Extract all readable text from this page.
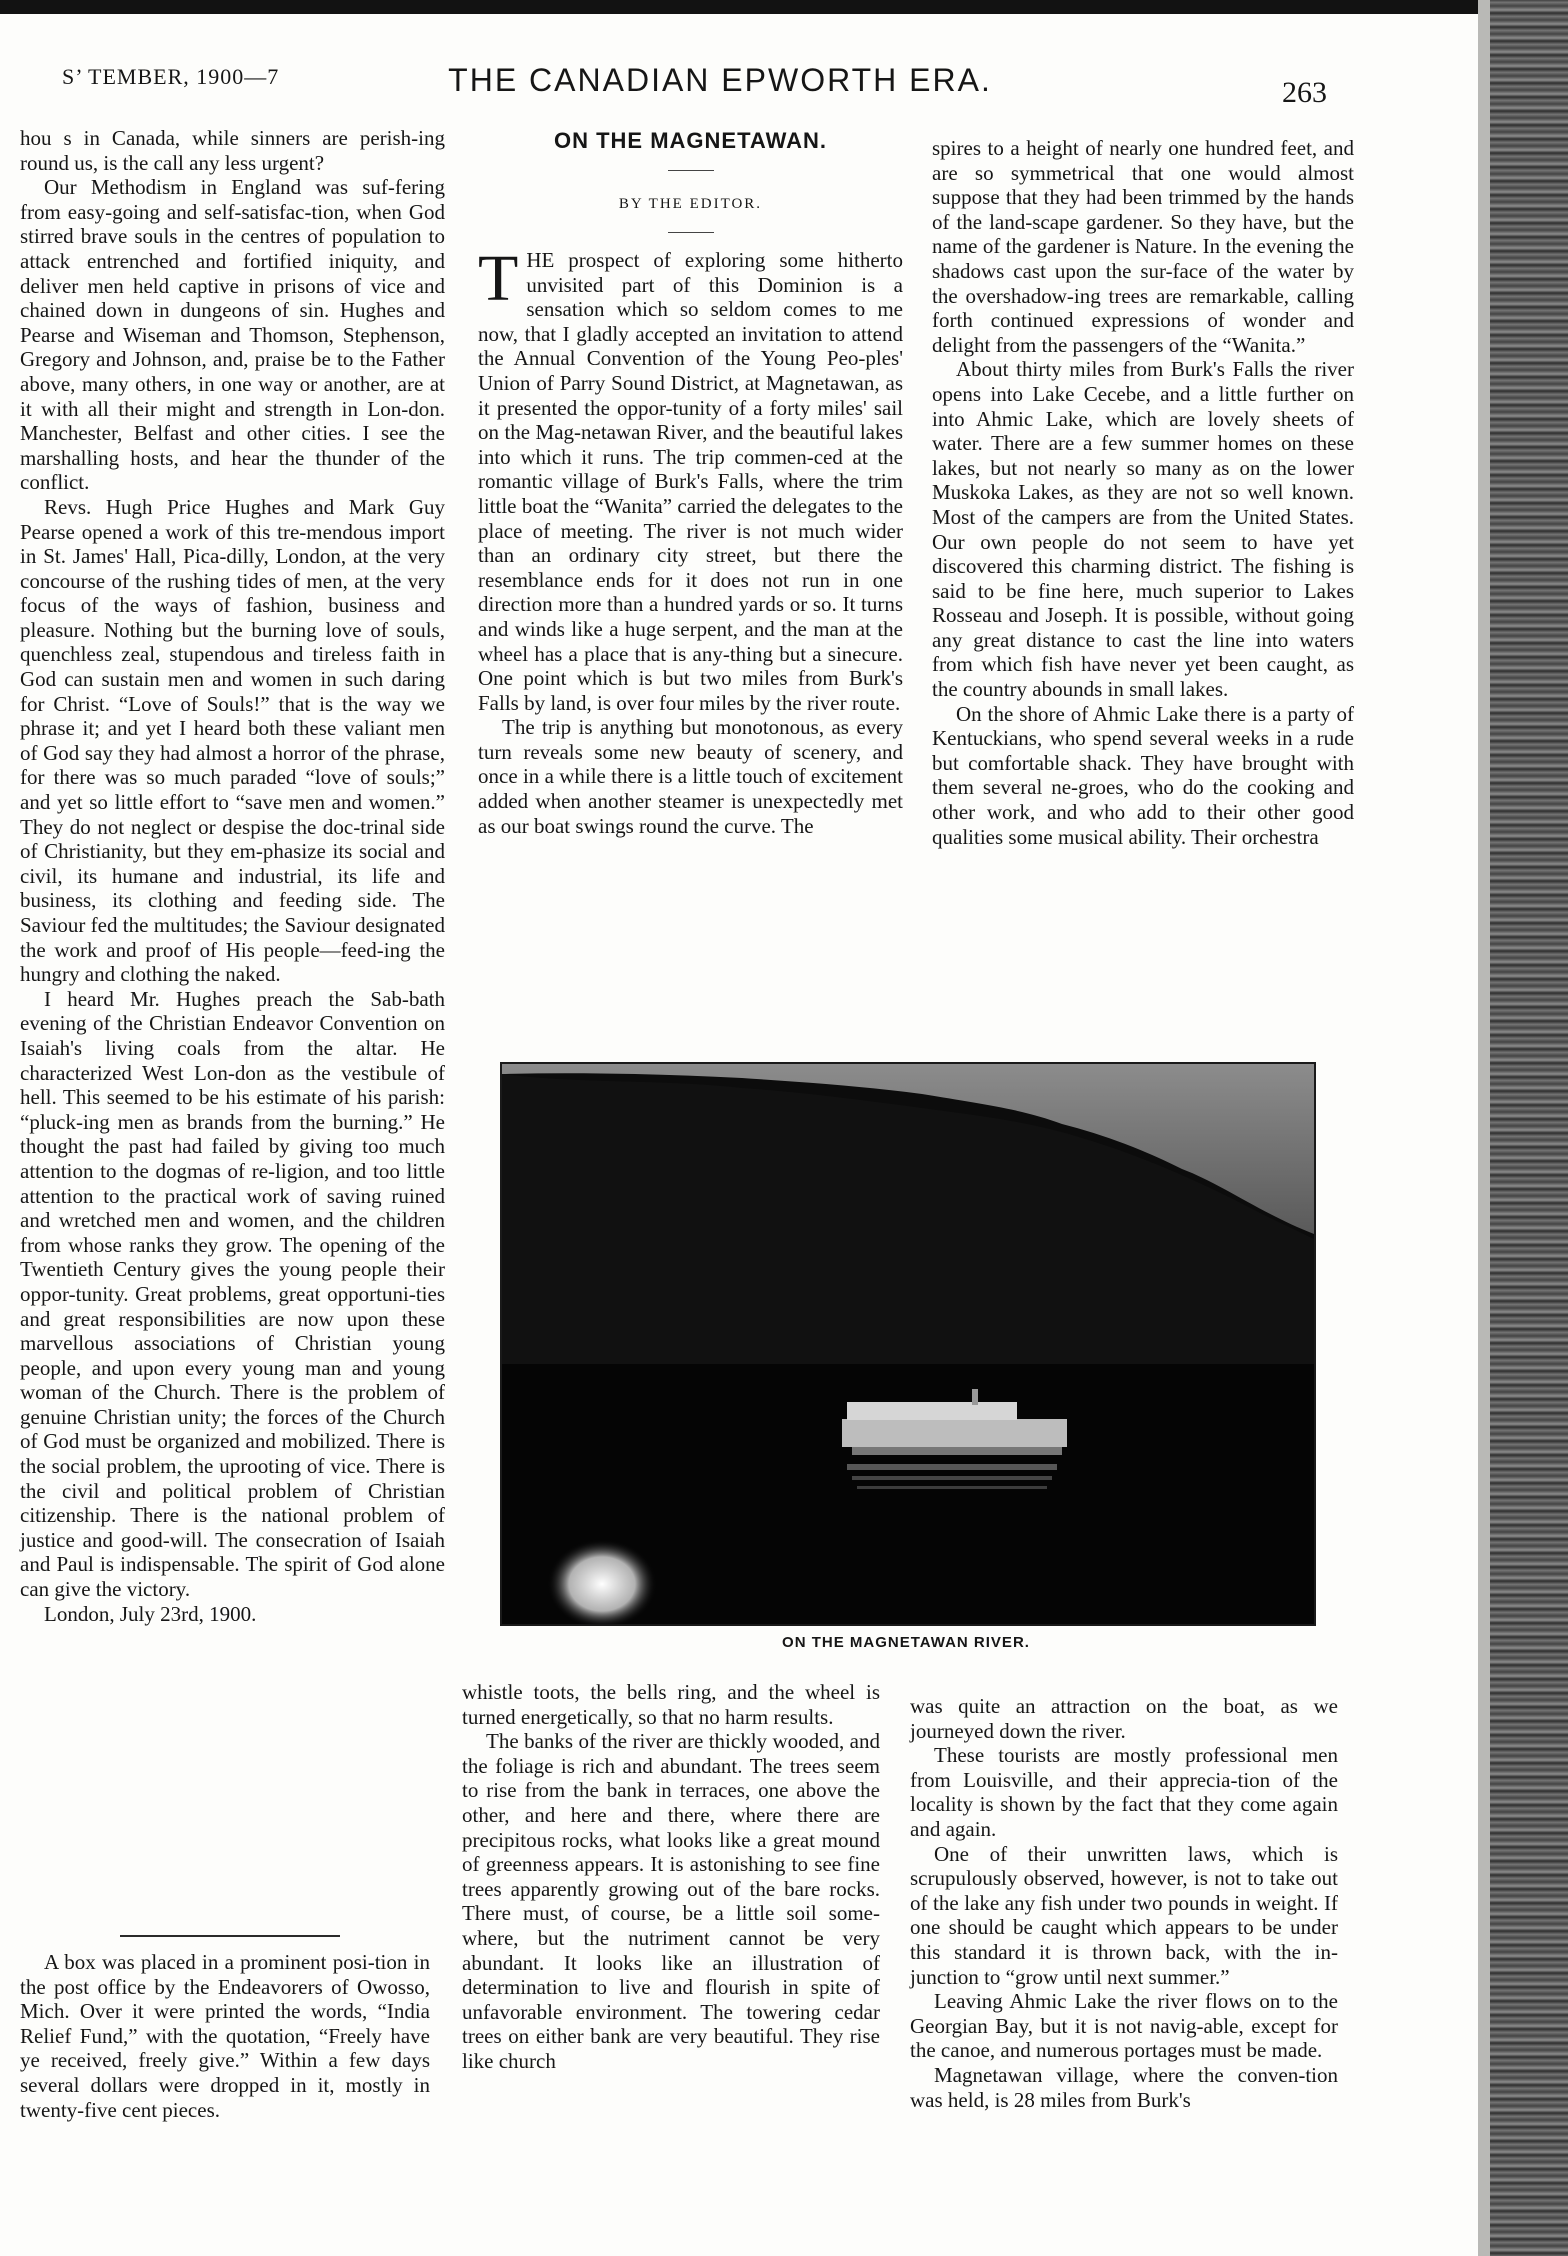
S’ TEMBER, 1900—7	THE CANADIAN EPWORTH ERA.	263

hou s in Canada, while sinners are perish-ing round us, is the call any less urgent?

Our Methodism in England was suf-fering from easy-going and self-satisfac-tion, when God stirred brave souls in the centres of population to attack entrenched and fortified iniquity, and deliver men held captive in prisons of vice and chained down in dungeons of sin. Hughes and Pearse and Wiseman and Thomson, Stephenson, Gregory and Johnson, and, praise be to the Father above, many others, in one way or another, are at it with all their might and strength in Lon-don. Manchester, Belfast and other cities. I see the marshalling hosts, and hear the thunder of the conflict.

Revs. Hugh Price Hughes and Mark Guy Pearse opened a work of this tre-mendous import in St. James' Hall, Pica-dilly, London, at the very concourse of the rushing tides of men, at the very focus of the ways of fashion, business and pleasure. Nothing but the burning love of souls, quenchless zeal, stupendous and tireless faith in God can sustain men and women in such daring for Christ. “Love of Souls!” that is the way we phrase it; and yet I heard both these valiant men of God say they had almost a horror of the phrase, for there was so much paraded “love of souls;” and yet so little effort to “save men and women.” They do not neglect or despise the doc-trinal side of Christianity, but they em-phasize its social and civil, its humane and industrial, its life and business, its clothing and feeding side. The Saviour fed the multitudes; the Saviour designated the work and proof of His people—feed-ing the hungry and clothing the naked.

I heard Mr. Hughes preach the Sab-bath evening of the Christian Endeavor Convention on Isaiah's living coals from the altar. He characterized West Lon-don as the vestibule of hell. This seemed to be his estimate of his parish: “pluck-ing men as brands from the burning.” He thought the past had failed by giving too much attention to the dogmas of re-ligion, and too little attention to the practical work of saving ruined and wretched men and women, and the children from whose ranks they grow. The opening of the Twentieth Century gives the young people their oppor-tunity. Great problems, great opportuni-ties and great responsibilities are now upon these marvellous associations of Christian young people, and upon every young man and young woman of the Church. There is the problem of genuine Christian unity; the forces of the Church of God must be organized and mobilized. There is the social problem, the uprooting of vice. There is the civil and political problem of Christian citizenship. There is the national problem of justice and good-will. The consecration of Isaiah and Paul is indispensable. The spirit of God alone can give the victory.

London, July 23rd, 1900.

A box was placed in a prominent posi-tion in the post office by the Endeavorers of Owosso, Mich. Over it were printed the words, “India Relief Fund,” with the quotation, “Freely have ye received, freely give.” Within a few days several dollars were dropped in it, mostly in twenty-five cent pieces.

ON THE MAGNETAWAN.
BY THE EDITOR.

THE prospect of exploring some hitherto unvisited part of this Dominion is a sensation which so seldom comes to me now, that I gladly accepted an invitation to attend the Annual Convention of the Young Peo-ples' Union of Parry Sound District, at Magnetawan, as it presented the oppor-tunity of a forty miles' sail on the Mag-netawan River, and the beautiful lakes into which it runs. The trip commen-ced at the romantic village of Burk's Falls, where the trim little boat the “Wanita” carried the delegates to the place of meeting. The river is not much wider than an ordinary city street, but there the resemblance ends for it does not run in one direction more than a hundred yards or so. It turns and winds like a huge serpent, and the man at the wheel has a place that is any-thing but a sinecure. One point which is but two miles from Burk's Falls by land, is over four miles by the river route.

The trip is anything but monotonous, as every turn reveals some new beauty of scenery, and once in a while there is a little touch of excitement added when another steamer is unexpectedly met as our boat swings round the curve. The

spires to a height of nearly one hundred feet, and are so symmetrical that one would almost suppose that they had been trimmed by the hands of the land-scape gardener. So they have, but the name of the gardener is Nature. In the evening the shadows cast upon the sur-face of the water by the overshadow-ing trees are remarkable, calling forth continued expressions of wonder and delight from the passengers of the “Wanita.”

About thirty miles from Burk's Falls the river opens into Lake Cecebe, and a little further on into Ahmic Lake, which are lovely sheets of water. There are a few summer homes on these lakes, but not nearly so many as on the lower Muskoka Lakes, as they are not so well known. Most of the campers are from the United States. Our own people do not seem to have yet discovered this charming district. The fishing is said to be fine here, much superior to Lakes Rosseau and Joseph. It is possible, without going any great distance to cast the line into waters from which fish have never yet been caught, as the country abounds in small lakes.

On the shore of Ahmic Lake there is a party of Kentuckians, who spend several weeks in a rude but comfortable shack. They have brought with them several ne-groes, who do the cooking and other work, and who add to their other good qualities some musical ability. Their orchestra

ON THE MAGNETAWAN RIVER.

whistle toots, the bells ring, and the wheel is turned energetically, so that no harm results.

The banks of the river are thickly wooded, and the foliage is rich and abundant. The trees seem to rise from the bank in terraces, one above the other, and here and there, where there are precipitous rocks, what looks like a great mound of greenness appears. It is astonishing to see fine trees apparently growing out of the bare rocks. There must, of course, be a little soil some-where, but the nutriment cannot be very abundant. It looks like an illustration of determination to live and flourish in spite of unfavorable environment. The towering cedar trees on either bank are very beautiful. They rise like church

was quite an attraction on the boat, as we journeyed down the river.

These tourists are mostly professional men from Louisville, and their apprecia-tion of the locality is shown by the fact that they come again and again.

One of their unwritten laws, which is scrupulously observed, however, is not to take out of the lake any fish under two pounds in weight. If one should be caught which appears to be under this standard it is thrown back, with the in-junction to “grow until next summer.”

Leaving Ahmic Lake the river flows on to the Georgian Bay, but it is not navig-able, except for the canoe, and numerous portages must be made.

Magnetawan village, where the conven-tion was held, is 28 miles from Burk's
